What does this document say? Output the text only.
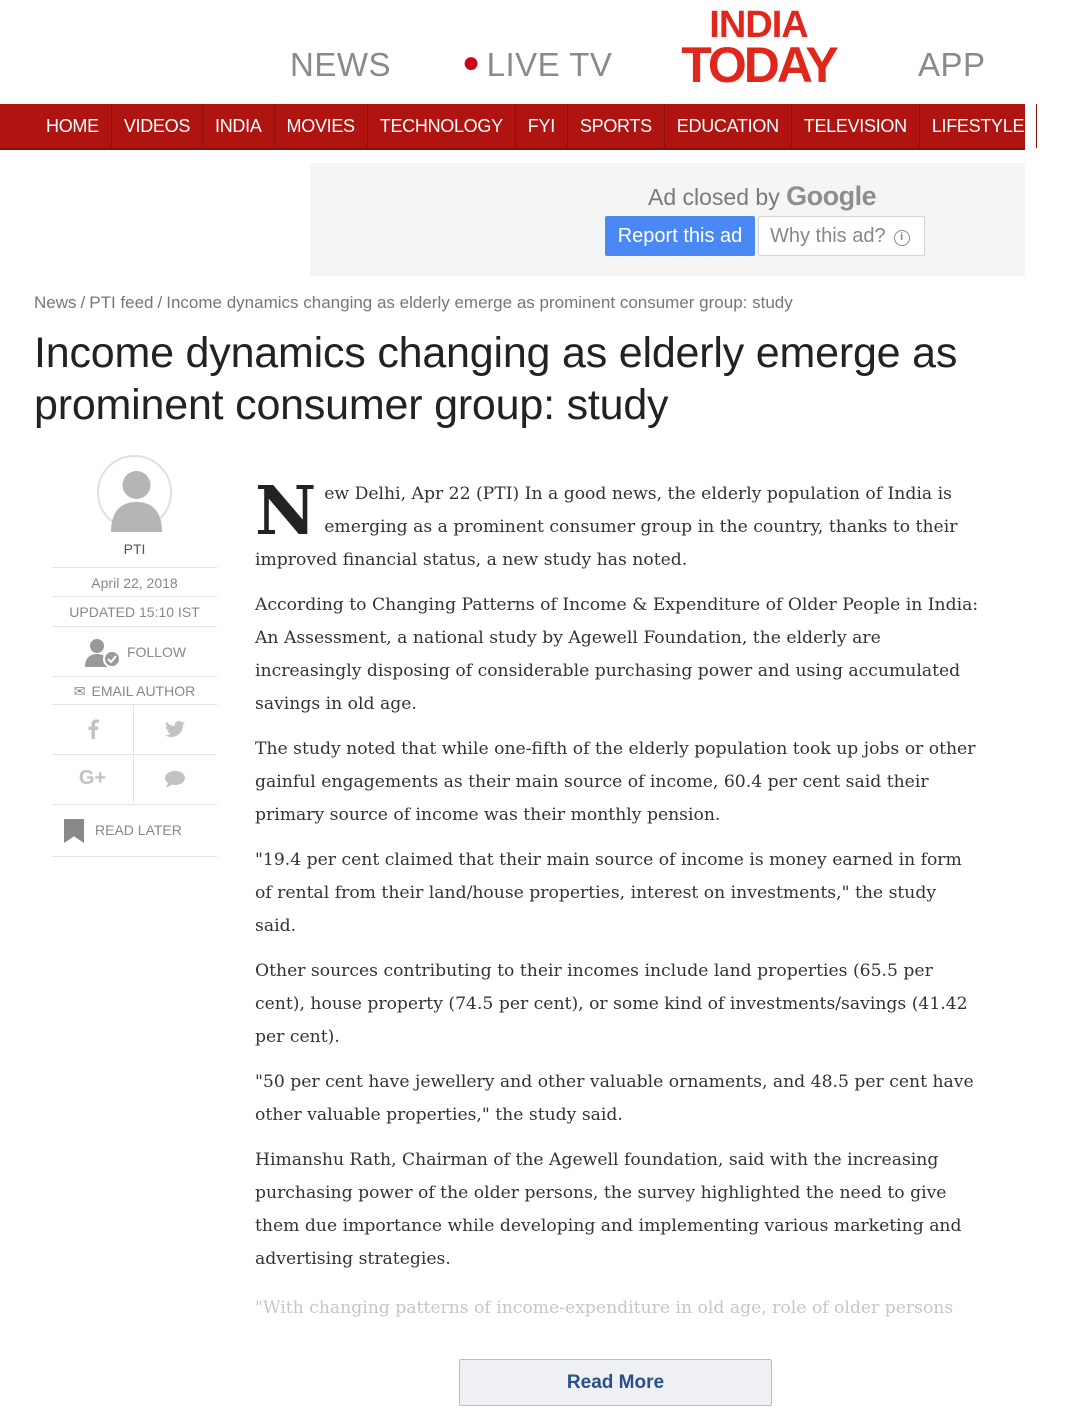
NEWS ● LIVE TV
INDIA
TODAY	APP
HOME	VIDEOS	INDIA	MOVIES	TECHNOLOGY	FYI	SPORTS	EDUCATION	TELEVISION	LIFESTYLE	WO
Ad closed by Google
Report this ad	Why this ad? i
News / PTI feed / Income dynamics changing as elderly emerge as prominent consumer group: study
Income dynamics changing as elderly emerge as prominent consumer group: study
PTI
April 22, 2018
UPDATED 15:10 IST
FOLLOW
✉ EMAIL AUTHOR
G+
READ LATER

New Delhi, Apr 22 (PTI) In a good news, the elderly population of India is emerging as a prominent consumer group in the country, thanks to their improved financial status, a new study has noted.

According to Changing Patterns of Income & Expenditure of Older People in India: An Assessment, a national study by Agewell Foundation, the elderly are increasingly disposing of considerable purchasing power and using accumulated savings in old age.

The study noted that while one-fifth of the elderly population took up jobs or other gainful engagements as their main source of income, 60.4 per cent said their primary source of income was their monthly pension.

"19.4 per cent claimed that their main source of income is money earned in form of rental from their land/house properties, interest on investments," the study said.

Other sources contributing to their incomes include land properties (65.5 per cent), house property (74.5 per cent), or some kind of investments/savings (41.42 per cent).

"50 per cent have jewellery and other valuable ornaments, and 48.5 per cent have other valuable properties," the study said.

Himanshu Rath, Chairman of the Agewell foundation, said with the increasing purchasing power of the older persons, the survey highlighted the need to give them due importance while developing and implementing various marketing and advertising strategies.

"With changing patterns of income-expenditure in old age, role of older persons
Read More
